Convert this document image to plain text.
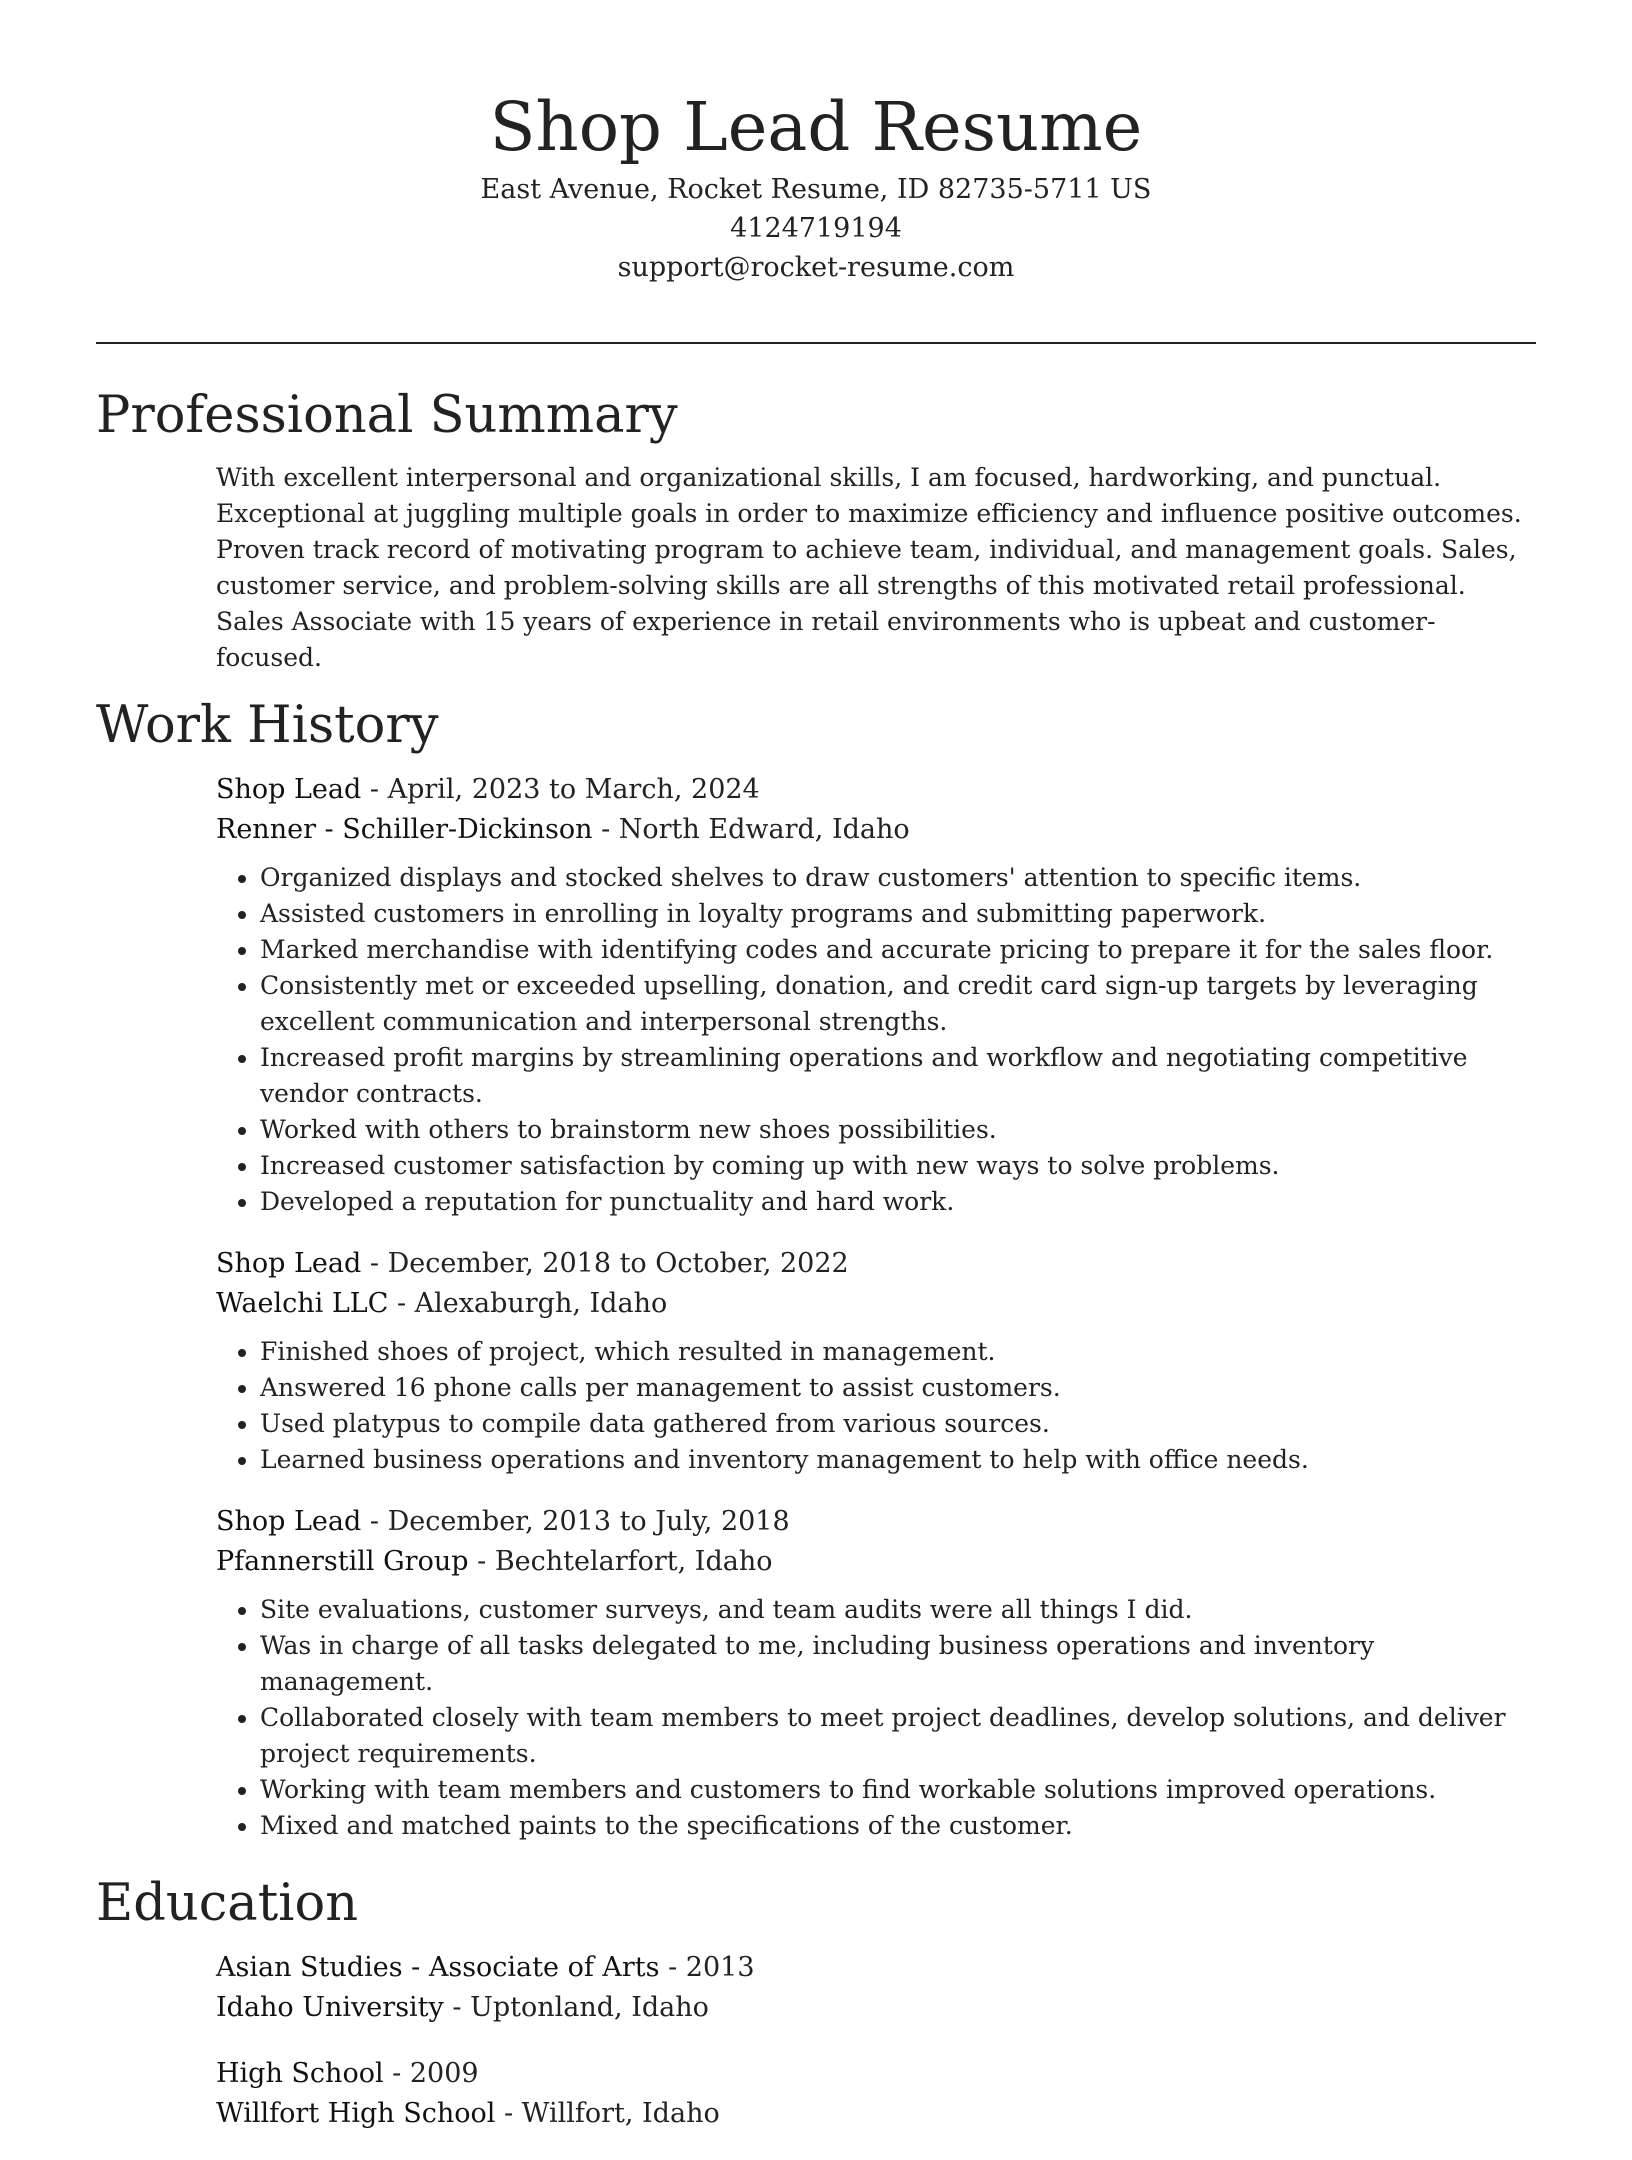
Shop Lead Resume
East Avenue, Rocket Resume, ID 82735-5711 US
4124719194
support@rocket-resume.com
Professional Summary

With excellent interpersonal and organizational skills, I am focused, hardworking, and punctual. Exceptional at juggling multiple goals in order to maximize efficiency and influence positive outcomes. Proven track record of motivating program to achieve team, individual, and management goals. Sales, customer service, and problem-solving skills are all strengths of this motivated retail professional. Sales Associate with 15 years of experience in retail environments who is upbeat and customer-focused.

Work History
Shop Lead - April, 2023 to March, 2024
Renner - Schiller-Dickinson - North Edward, Idaho
• Organized displays and stocked shelves to draw customers' attention to specific items.
• Assisted customers in enrolling in loyalty programs and submitting paperwork.
• Marked merchandise with identifying codes and accurate pricing to prepare it for the sales floor.
• Consistently met or exceeded upselling, donation, and credit card sign-up targets by leveraging excellent communication and interpersonal strengths.
• Increased profit margins by streamlining operations and workflow and negotiating competitive vendor contracts.
• Worked with others to brainstorm new shoes possibilities.
• Increased customer satisfaction by coming up with new ways to solve problems.
• Developed a reputation for punctuality and hard work.
Shop Lead - December, 2018 to October, 2022
Waelchi LLC - Alexaburgh, Idaho
• Finished shoes of project, which resulted in management.
• Answered 16 phone calls per management to assist customers.
• Used platypus to compile data gathered from various sources.
• Learned business operations and inventory management to help with office needs.
Shop Lead - December, 2013 to July, 2018
Pfannerstill Group - Bechtelarfort, Idaho
• Site evaluations, customer surveys, and team audits were all things I did.
• Was in charge of all tasks delegated to me, including business operations and inventory management.
• Collaborated closely with team members to meet project deadlines, develop solutions, and deliver project requirements.
• Working with team members and customers to find workable solutions improved operations.
• Mixed and matched paints to the specifications of the customer.
Education
Asian Studies - Associate of Arts - 2013
Idaho University - Uptonland, Idaho
High School - 2009
Willfort High School - Willfort, Idaho
